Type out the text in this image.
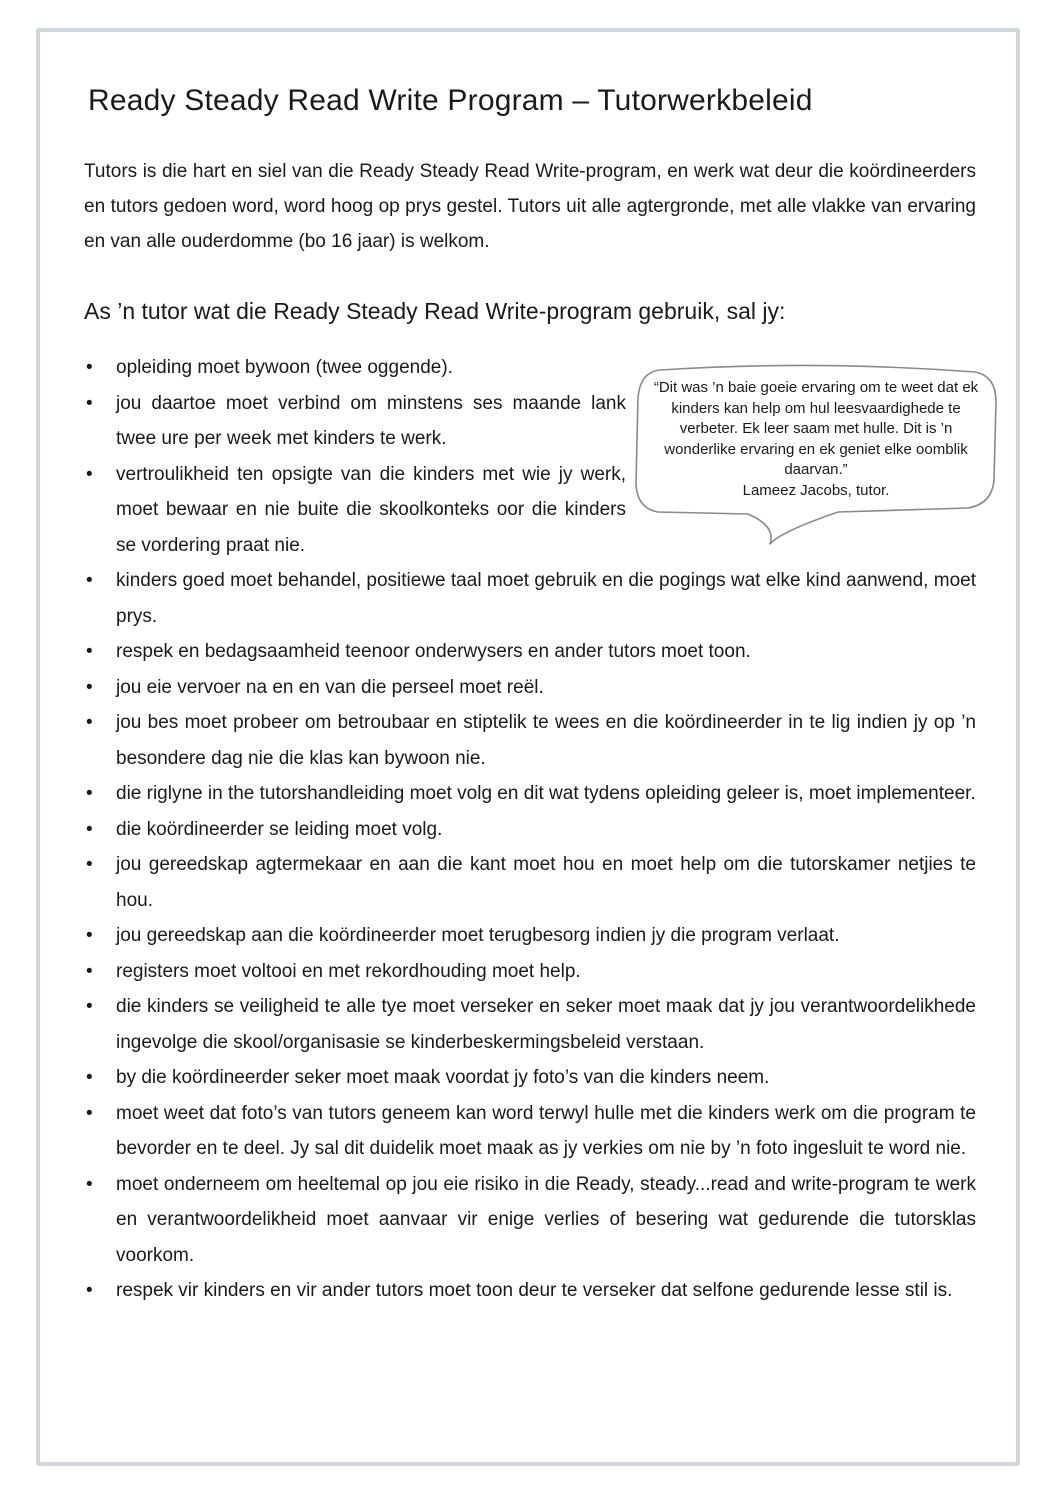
Ready Steady Read Write Program – Tutorwerkbeleid

Tutors is die hart en siel van die Ready Steady Read Write-program, en werk wat deur die koördineerders en tutors gedoen word, word hoog op prys gestel. Tutors uit alle agtergronde, met alle vlakke van ervaring en van alle ouderdomme (bo 16 jaar) is welkom.

As ’n tutor wat die Ready Steady Read Write-program gebruik, sal jy:

“Dit was ’n baie goeie ervaring om te weet dat ek kinders kan help om hul leesvaardighede te verbeter. Ek leer saam met hulle. Dit is ’n wonderlike ervaring en ek geniet elke oomblik daarvan.”
Lameez Jacobs, tutor.

• opleiding moet bywoon (twee oggende).
• jou daartoe moet verbind om minstens ses maande lank twee ure per week met kinders te werk.
• vertroulikheid ten opsigte van die kinders met wie jy werk, moet bewaar en nie buite die skoolkonteks oor die kinders se vordering praat nie.
• kinders goed moet behandel, positiewe taal moet gebruik en die pogings wat elke kind aanwend, moet prys.
• respek en bedagsaamheid teenoor onderwysers en ander tutors moet toon.
• jou eie vervoer na en en van die perseel moet reël.
• jou bes moet probeer om betroubaar en stiptelik te wees en die koördineerder in te lig indien jy op ’n besondere dag nie die klas kan bywoon nie.
• die riglyne in the tutorshandleiding moet volg en dit wat tydens opleiding geleer is, moet implementeer.
• die koördineerder se leiding moet volg.
• jou gereedskap agtermekaar en aan die kant moet hou en moet help om die tutorskamer netjies te hou.
• jou gereedskap aan die koördineerder moet terugbesorg indien jy die program verlaat.
• registers moet voltooi en met rekordhouding moet help.
• die kinders se veiligheid te alle tye moet verseker en seker moet maak dat jy jou verantwoordelikhede ingevolge die skool/organisasie se kinderbeskermingsbeleid verstaan.
• by die koördineerder seker moet maak voordat jy foto’s van die kinders neem.
• moet weet dat foto’s van tutors geneem kan word terwyl hulle met die kinders werk om die program te bevorder en te deel. Jy sal dit duidelik moet maak as jy verkies om nie by ’n foto ingesluit te word nie.
• moet onderneem om heeltemal op jou eie risiko in die Ready, steady...read and write-program te werk en verantwoordelikheid moet aanvaar vir enige verlies of besering wat gedurende die tutorsklas voorkom.
• respek vir kinders en vir ander tutors moet toon deur te verseker dat selfone gedurende lesse stil is.
